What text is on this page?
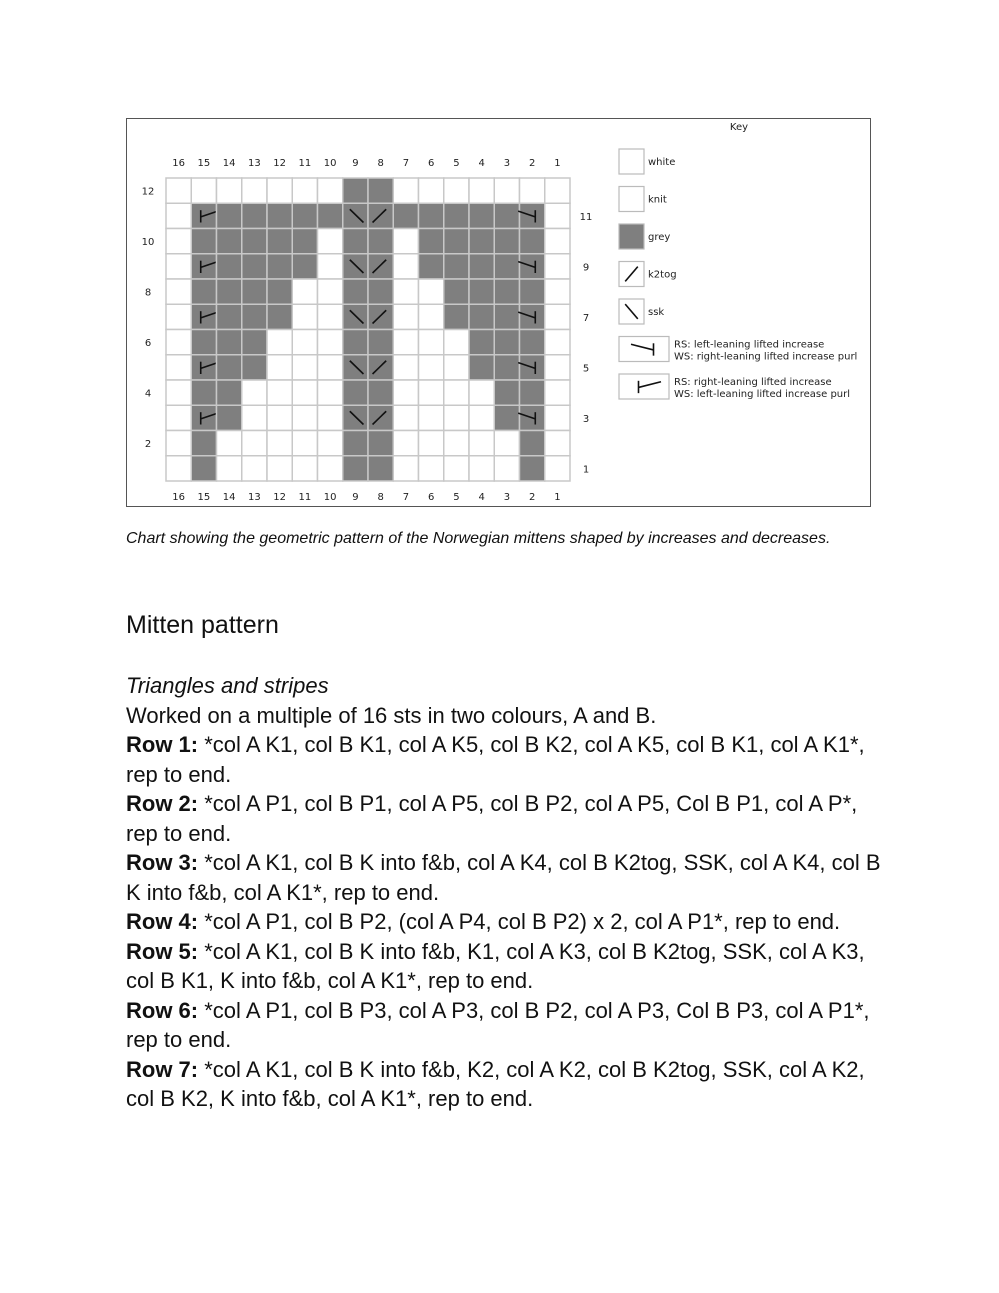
16
16
15
15
14
14
13
13
12
12
11
11
10
10
9
9
8
8
7
7
6
6
5
5
4
4
3
3
2
2
1
1
12
11
10
9
8
7
6
5
4
3
2
1
Key
white
knit
grey
k2tog
ssk
RS: left-leaning lifted increase
WS: right-leaning lifted increase purl
RS: right-leaning lifted increase
WS: left-leaning lifted increase purl
Chart showing the geometric pattern of the Norwegian mittens shaped by increases and decreases.
Mitten pattern
Triangles and stripes
Worked on a multiple of 16 sts in two colours, A and B.
Row 1: *col A K1, col B K1, col A K5, col B K2, col A K5, col B K1, col A K1*, rep to end.
Row 2: *col A P1, col B P1, col A P5, col B P2, col A P5, Col B P1, col A P*, rep to end.
Row 3: *col A K1, col B K into f&b, col A K4, col B K2tog, SSK, col A K4, col B K into f&b, col A K1*, rep to end.
Row 4: *col A P1, col B P2, (col A P4, col B P2) x 2, col A P1*, rep to end.
Row 5: *col A K1, col B K into f&b, K1, col A K3, col B K2tog, SSK, col A K3, col B K1, K into f&b, col A K1*, rep to end.
Row 6: *col A P1, col B P3, col A P3, col B P2, col A P3, Col B P3, col A P1*, rep to end.
Row 7: *col A K1, col B K into f&b, K2, col A K2, col B K2tog, SSK, col A K2, col B K2, K into f&b, col A K1*, rep to end.
